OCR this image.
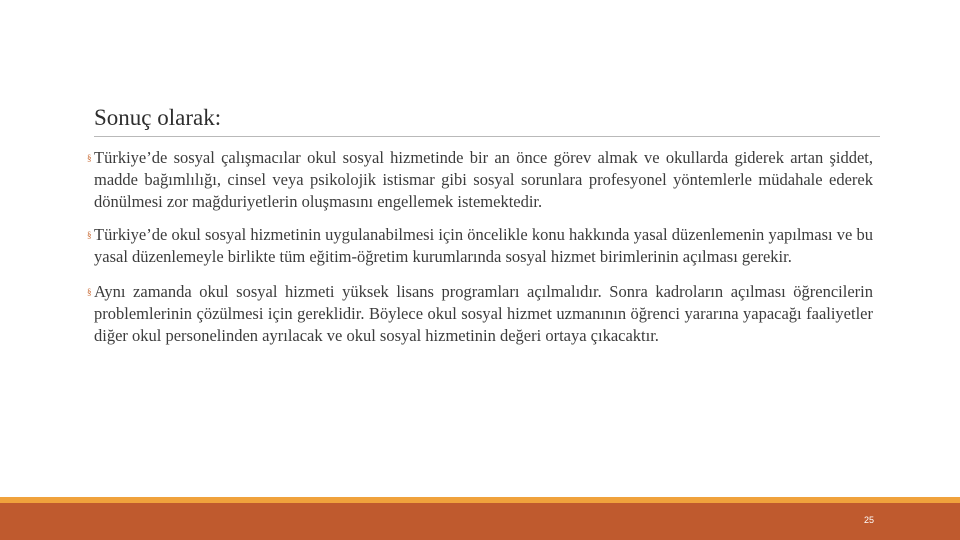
Sonuç olarak:

§ Türkiye’de sosyal çalışmacılar okul sosyal hizmetinde bir an önce görev almak ve okullarda giderek artan şiddet, madde bağımlılığı, cinsel veya psikolojik istismar gibi sosyal sorunlara profesyonel yöntemlerle müdahale ederek dönülmesi zor mağduriyetlerin oluşmasını engellemek istemektedir.

§ Türkiye’de okul sosyal hizmetinin uygulanabilmesi için öncelikle konu hakkında yasal düzenlemenin yapılması ve bu yasal düzenlemeyle birlikte tüm eğitim-öğretim kurumlarında sosyal hizmet birimlerinin açılması gerekir.

§ Aynı zamanda okul sosyal hizmeti yüksek lisans programları açılmalıdır. Sonra kadroların açılması öğrencilerin problemlerinin çözülmesi için gereklidir. Böylece okul sosyal hizmet uzmanının öğrenci yararına yapacağı faaliyetler diğer okul personelinden ayrılacak ve okul sosyal hizmetinin değeri ortaya çıkacaktır.

25
